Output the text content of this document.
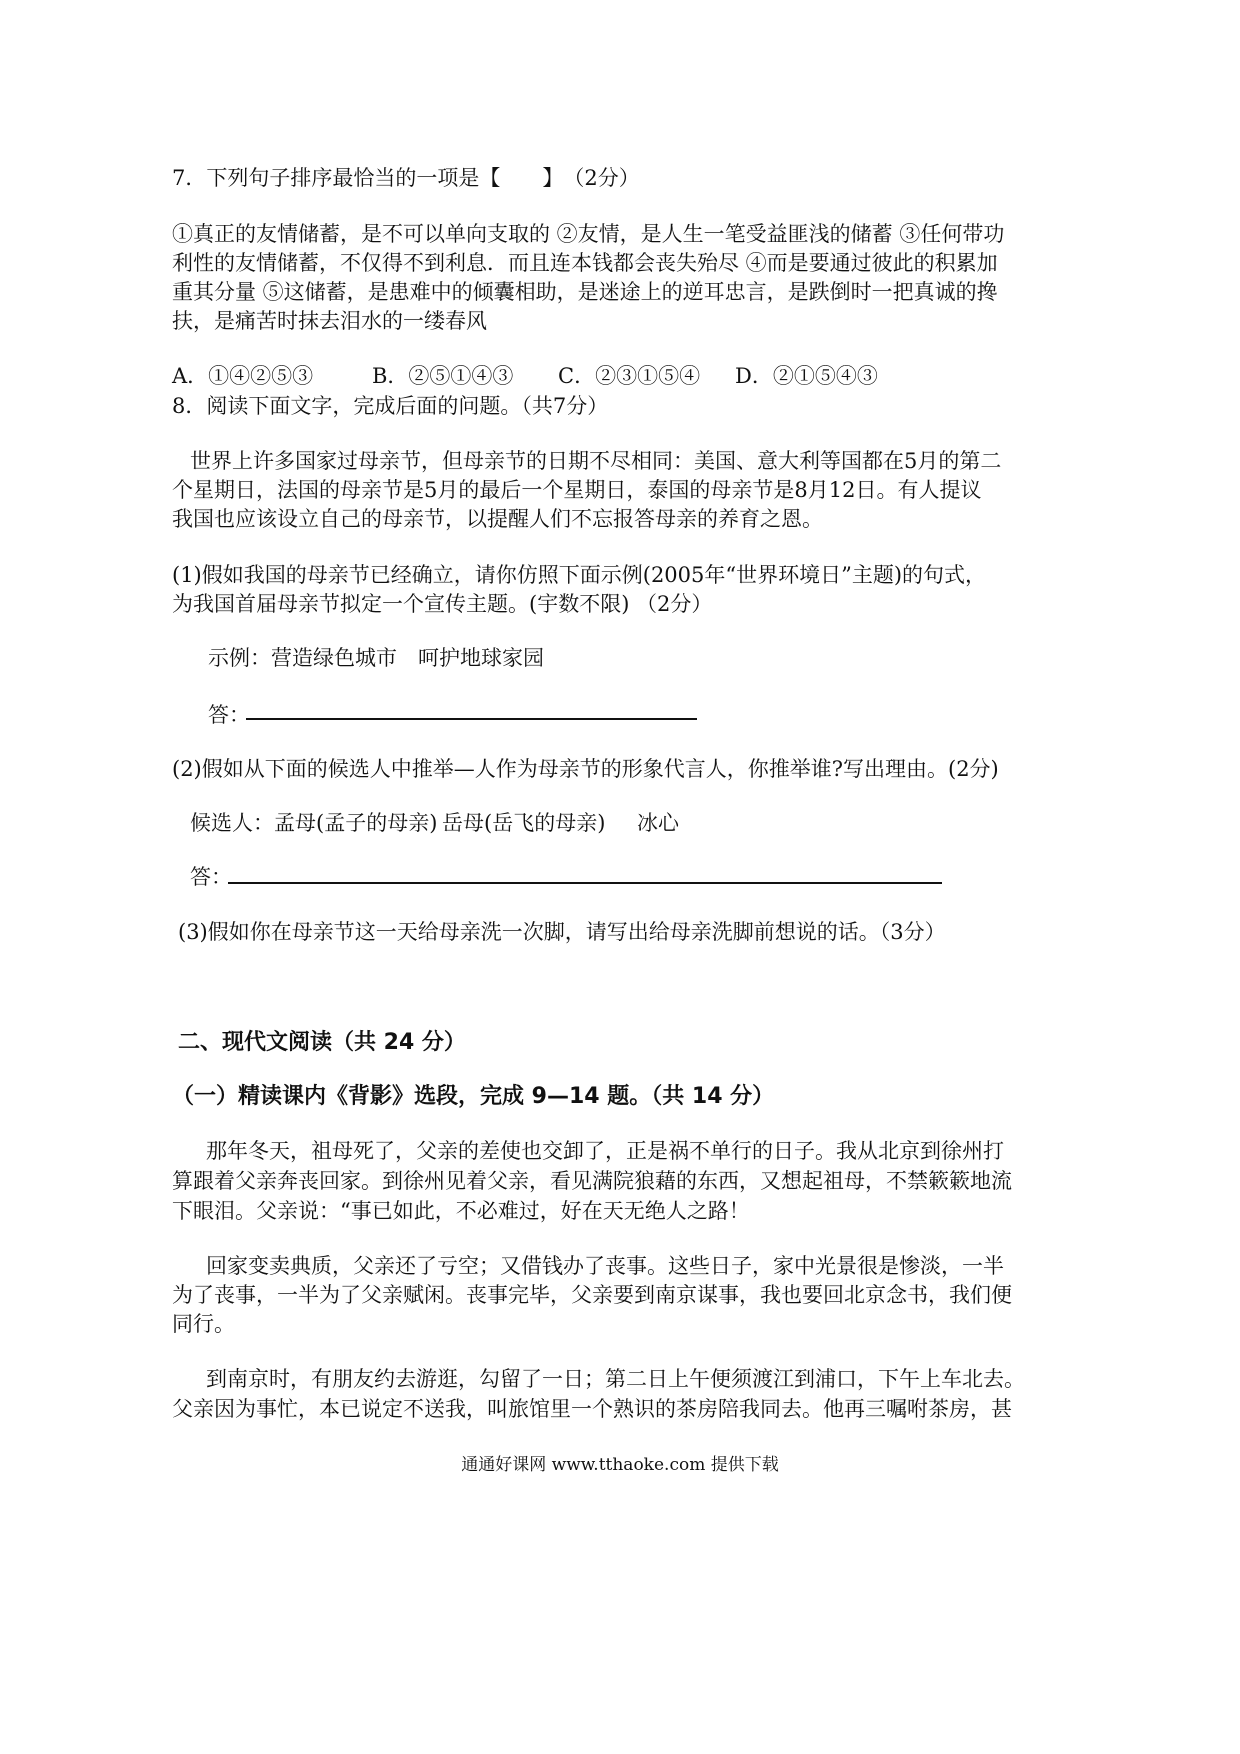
7．下列句子排序最恰当的一项是【　　】　（2分）
①真正的友情储蓄，是不可以单向支取的 ②友情，是人生一笔受益匪浅的储蓄 ③任何带功
利性的友情储蓄，不仅得不到利息．而且连本钱都会丧失殆尽 ④而是要通过彼此的积累加
重其分量 ⑤这储蓄，是患难中的倾囊相助，是迷途上的逆耳忠言，是跌倒时一把真诚的搀
扶，是痛苦时抹去泪水的一缕春风
A．①④②⑤③	B．②⑤①④③ C．②③①⑤④ D．②①⑤④③
8．阅读下面文字，完成后面的问题。（共7分）
世界上许多国家过母亲节，但母亲节的日期不尽相同：美国、意大利等国都在5月的第二
个星期日，法国的母亲节是5月的最后一个星期日，泰国的母亲节是8月12日。有人提议
我国也应该设立自己的母亲节，以提醒人们不忘报答母亲的养育之恩。
(1)假如我国的母亲节已经确立，请你仿照下面示例(2005年“世界环境日”主题)的句式，
为我国首届母亲节拟定一个宣传主题。(宇数不限) （2分）
示例：营造绿色城市　呵护地球家园
答：
(2)假如从下面的候选人中推举—人作为母亲节的形象代言人，你推举谁?写出理由。(2分)
候选人：孟母(孟子的母亲) 岳母(岳飞的母亲) 冰心
答：
(3)假如你在母亲节这一天给母亲洗一次脚，请写出给母亲洗脚前想说的话。（3分）
二、现代文阅读（共 24 分）
（一）精读课内《背影》选段，完成 9—14 题。（共 14 分）
那年冬天，祖母死了，父亲的差使也交卸了，正是祸不单行的日子。我从北京到徐州打
算跟着父亲奔丧回家。到徐州见着父亲，看见满院狼藉的东西，又想起祖母，不禁簌簌地流
下眼泪。父亲说：“事已如此，不必难过，好在天无绝人之路！
回家变卖典质，父亲还了亏空；又借钱办了丧事。这些日子，家中光景很是惨淡，一半
为了丧事，一半为了父亲赋闲。丧事完毕，父亲要到南京谋事，我也要回北京念书，我们便
同行。
到南京时，有朋友约去游逛，勾留了一日；第二日上午便须渡江到浦口，下午上车北去。
父亲因为事忙，本已说定不送我，叫旅馆里一个熟识的茶房陪我同去。他再三嘱咐茶房，甚
通通好课网 www.tthaoke.com 提供下载
